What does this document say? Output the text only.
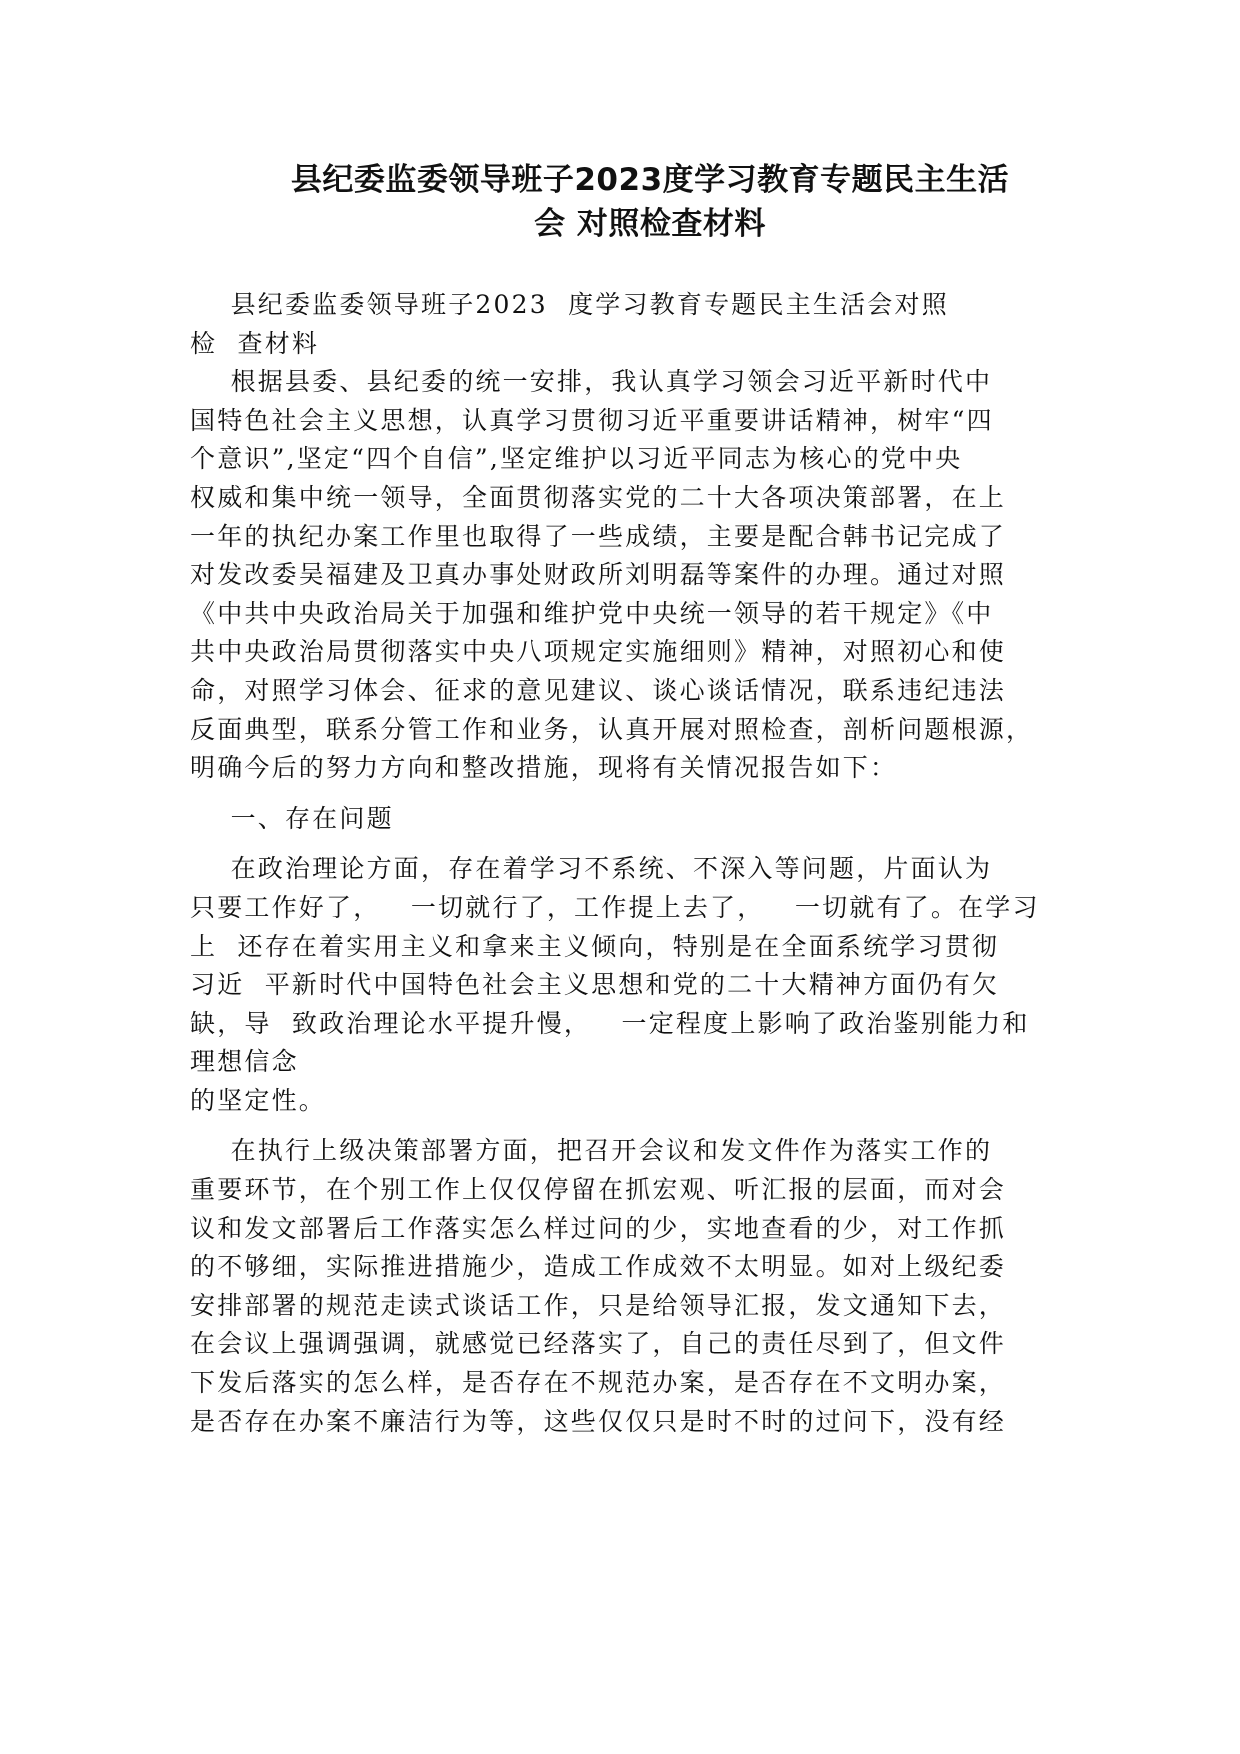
县纪委监委领导班子2023度学习教育专题民主生活
会 对照检查材料
县纪委监委领导班子2023  度学习教育专题民主生活会对照
检  查材料
根据县委、县纪委的统一安排，我认真学习领会习近平新时代中
国特色社会主义思想，认真学习贯彻习近平重要讲话精神，树牢“四
个意识”,坚定“四个自信”,坚定维护以习近平同志为核心的党中央
权威和集中统一领导，全面贯彻落实党的二十大各项决策部署，在上
一年的执纪办案工作里也取得了一些成绩，主要是配合韩书记完成了
对发改委吴福建及卫真办事处财政所刘明磊等案件的办理。通过对照
《中共中央政治局关于加强和维护党中央统一领导的若干规定》《中
共中央政治局贯彻落实中央八项规定实施细则》精神，对照初心和使
命，对照学习体会、征求的意见建议、谈心谈话情况，联系违纪违法
反面典型，联系分管工作和业务，认真开展对照检查，剖析问题根源，
明确今后的努力方向和整改措施，现将有关情况报告如下：
一、存在问题
在政治理论方面，存在着学习不系统、不深入等问题，片面认为
只要工作好了，   一切就行了，工作提上去了，   一切就有了。在学习
上  还存在着实用主义和拿来主义倾向，特别是在全面系统学习贯彻
习近  平新时代中国特色社会主义思想和党的二十大精神方面仍有欠
缺，导  致政治理论水平提升慢，   一定程度上影响了政治鉴别能力和
理想信念
的坚定性。
在执行上级决策部署方面，把召开会议和发文件作为落实工作的
重要环节，在个别工作上仅仅停留在抓宏观、听汇报的层面，而对会
议和发文部署后工作落实怎么样过问的少，实地查看的少，对工作抓
的不够细，实际推进措施少，造成工作成效不太明显。如对上级纪委
安排部署的规范走读式谈话工作，只是给领导汇报，发文通知下去，
在会议上强调强调，就感觉已经落实了，自己的责任尽到了，但文件
下发后落实的怎么样，是否存在不规范办案，是否存在不文明办案，
是否存在办案不廉洁行为等，这些仅仅只是时不时的过问下，没有经
